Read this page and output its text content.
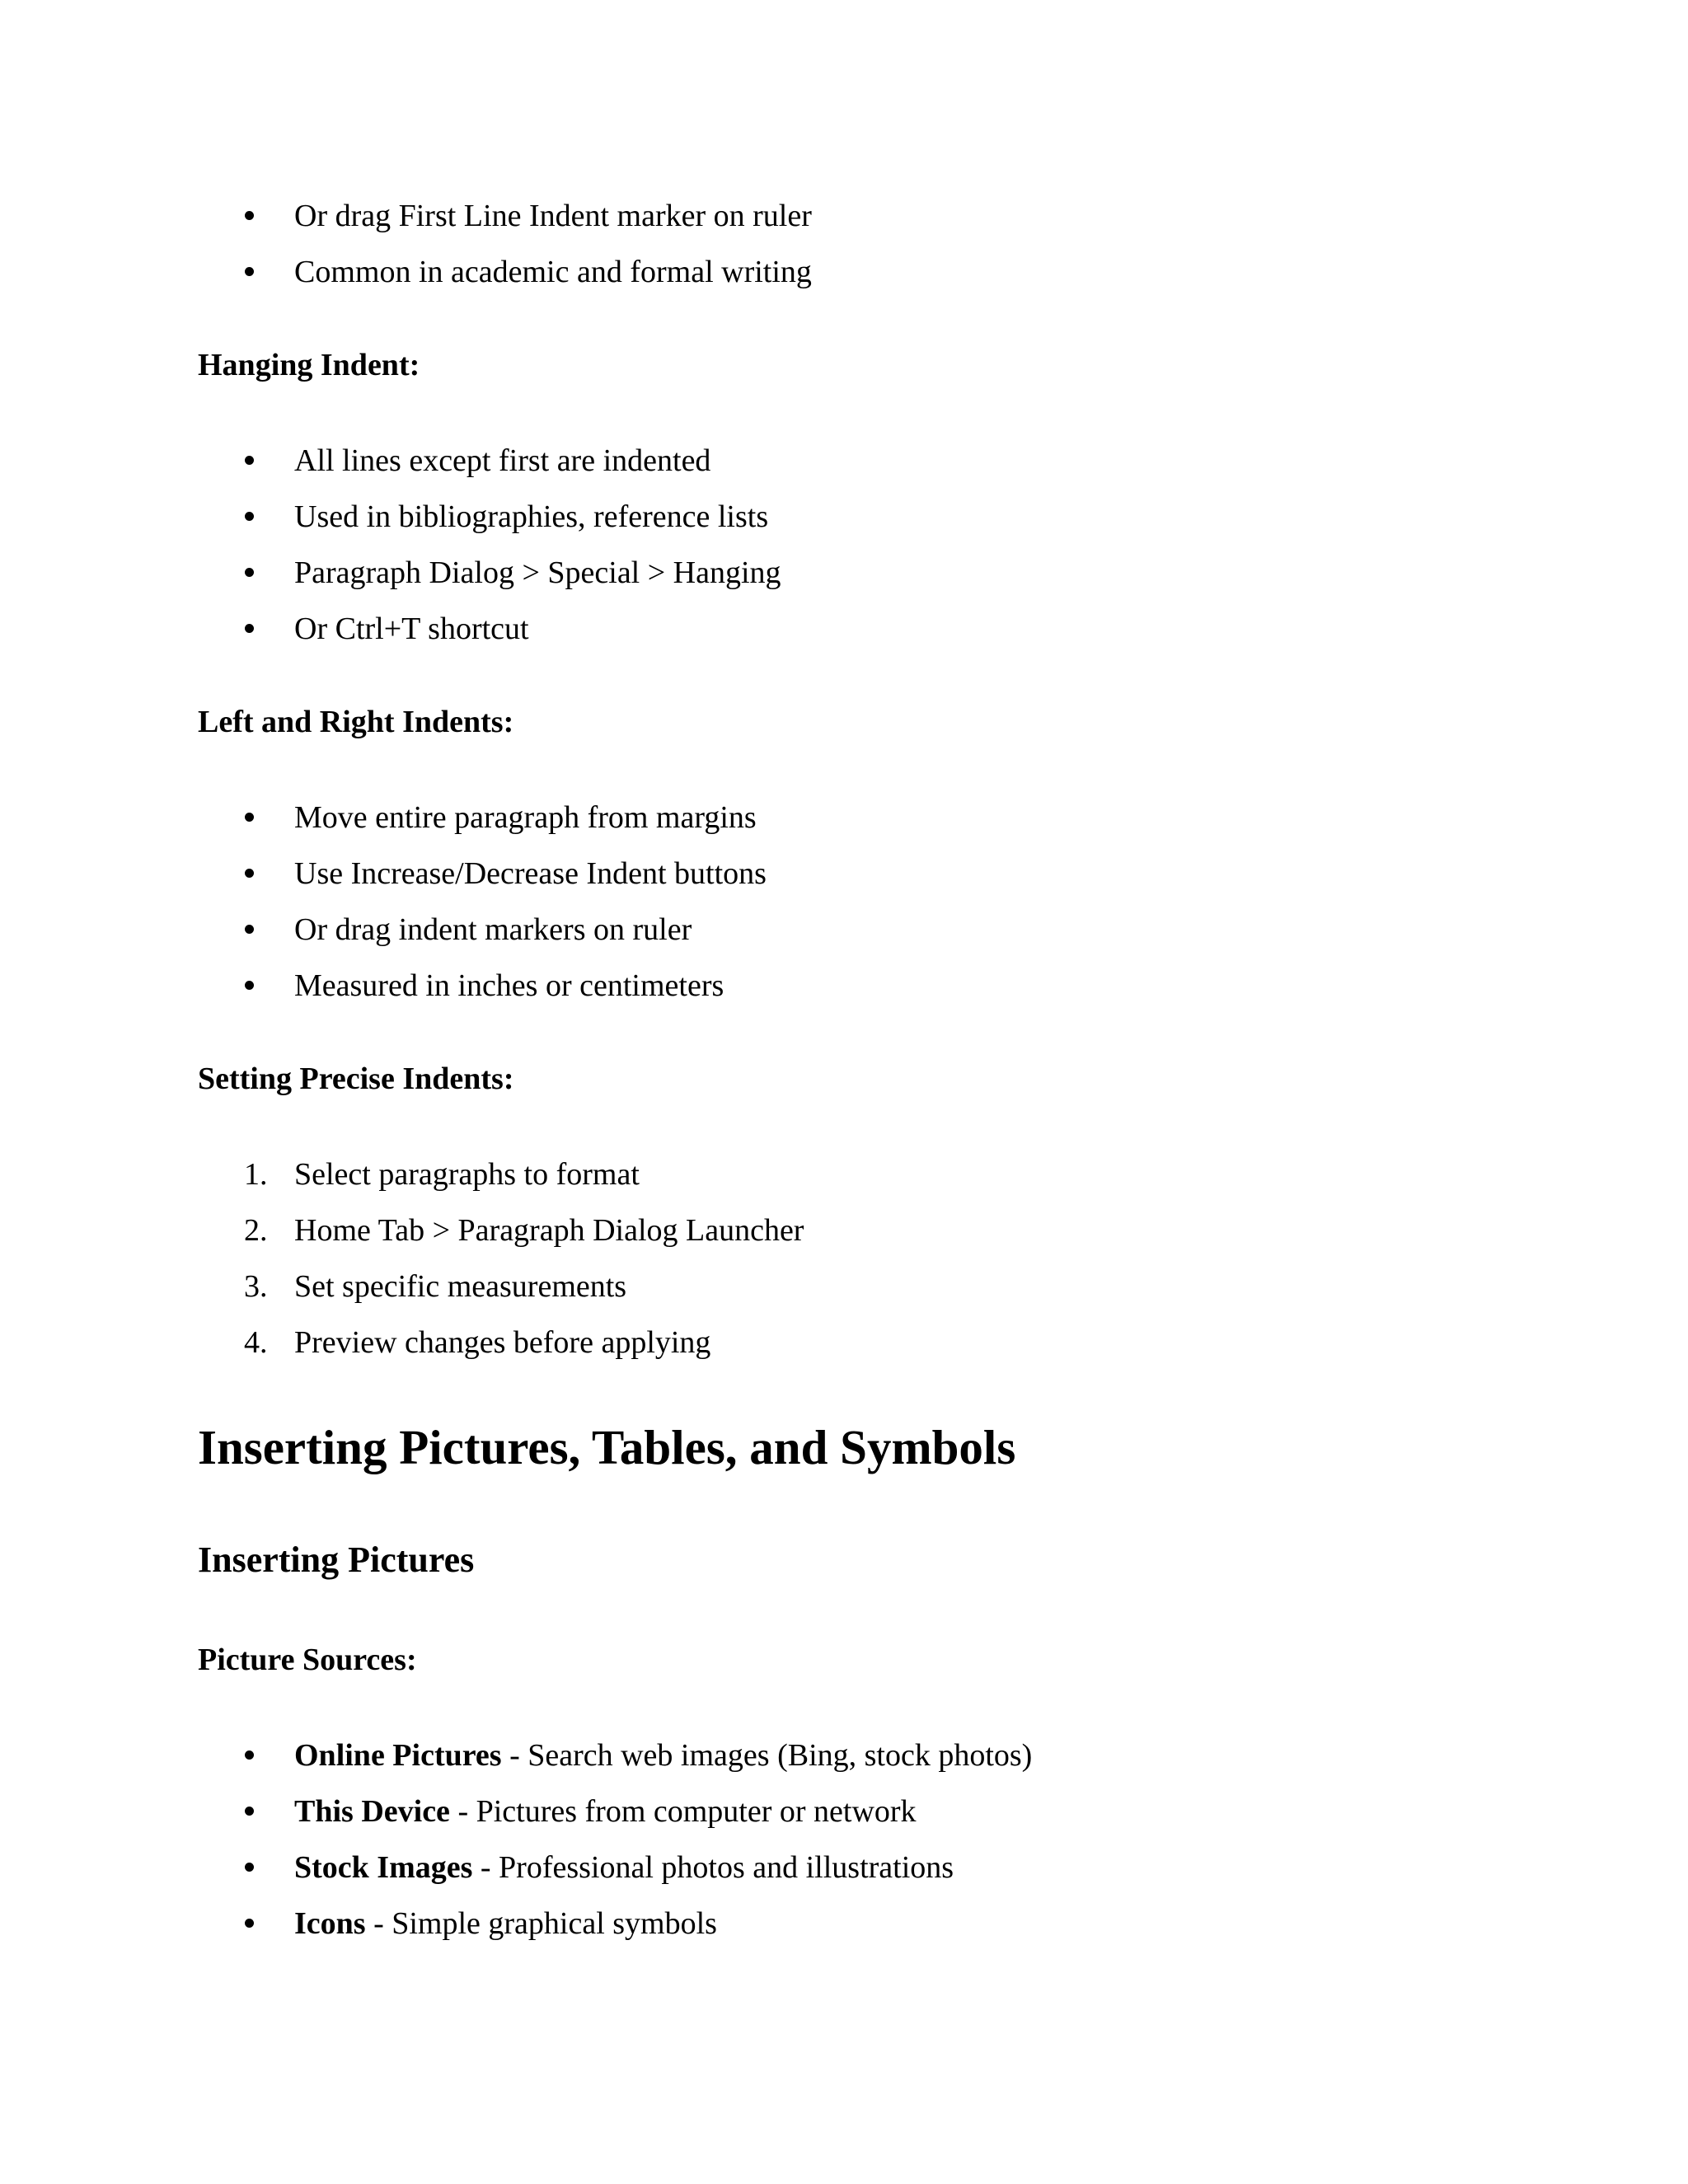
Or drag First Line Indent marker on ruler
Common in academic and formal writing
Hanging Indent:
All lines except first are indented
Used in bibliographies, reference lists
Paragraph Dialog > Special > Hanging
Or Ctrl+T shortcut
Left and Right Indents:
Move entire paragraph from margins
Use Increase/Decrease Indent buttons
Or drag indent markers on ruler
Measured in inches or centimeters
Setting Precise Indents:
1. Select paragraphs to format
2. Home Tab > Paragraph Dialog Launcher
3. Set specific measurements
4. Preview changes before applying
Inserting Pictures, Tables, and Symbols
Inserting Pictures
Picture Sources:
Online Pictures - Search web images (Bing, stock photos)
This Device - Pictures from computer or network
Stock Images - Professional photos and illustrations
Icons - Simple graphical symbols
